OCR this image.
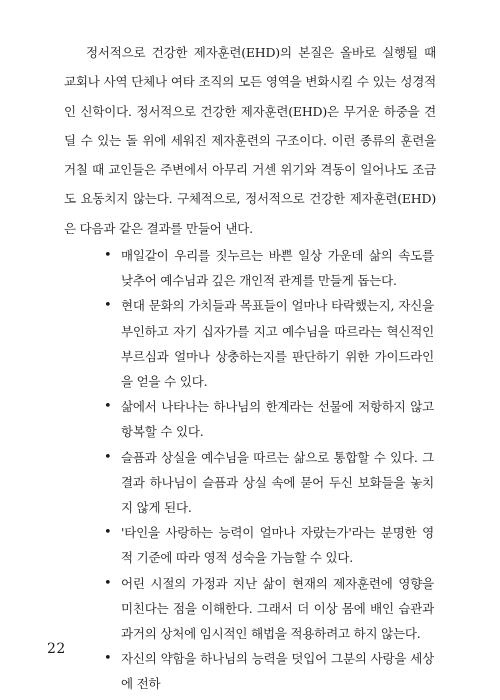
정서적으로 건강한 제자훈련(EHD)의 본질은 올바로 실행될 때 교회나 사역 단체나 여타 조직의 모든 영역을 변화시킬 수 있는 성경적인 신학이다. 정서적으로 건강한 제자훈련(EHD)은 무거운 하중을 견딜 수 있는 돌 위에 세워진 제자훈련의 구조이다. 이런 종류의 훈련을 거칠 때 교인들은 주변에서 아무리 거센 위기와 격동이 일어나도 조금도 요동치지 않는다. 구체적으로, 정서적으로 건강한 제자훈련(EHD)은 다음과 같은 결과를 만들어 낸다.

• 매일같이 우리를 짓누르는 바쁜 일상 가운데 삶의 속도를 낮추어 예수님과 깊은 개인적 관계를 만들게 돕는다.
• 현대 문화의 가치들과 목표들이 얼마나 타락했는지, 자신을 부인하고 자기 십자가를 지고 예수님을 따르라는 혁신적인 부르심과 얼마나 상충하는지를 판단하기 위한 가이드라인을 얻을 수 있다.
• 삶에서 나타나는 하나님의 한계라는 선물에 저항하지 않고 항복할 수 있다.
• 슬픔과 상실을 예수님을 따르는 삶으로 통합할 수 있다. 그 결과 하나님이 슬픔과 상실 속에 묻어 두신 보화들을 놓치지 않게 된다.
• '타인을 사랑하는 능력이 얼마나 자랐는가'라는 분명한 영적 기준에 따라 영적 성숙을 가늠할 수 있다.
• 어린 시절의 가정과 지난 삶이 현재의 제자훈련에 영향을 미친다는 점을 이해한다. 그래서 더 이상 몸에 배인 습관과 과거의 상처에 임시적인 해법을 적용하려고 하지 않는다.
• 자신의 약함을 하나님의 능력을 덧입어 그분의 사랑을 세상에 전하
22
